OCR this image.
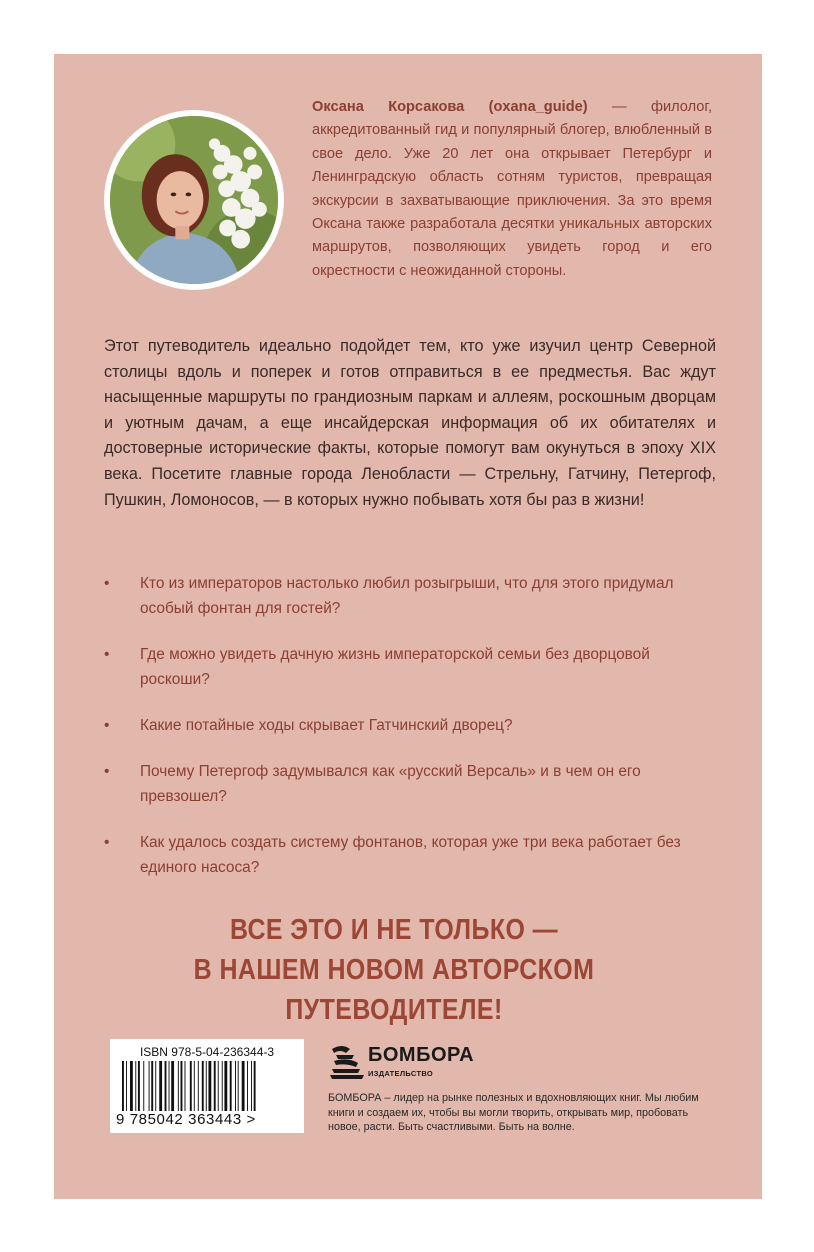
Оксана Корсакова (oxana_guide) — филолог, аккредитованный гид и популярный блогер, влюбленный в свое дело. Уже 20 лет она открывает Петербург и Ленинградскую область сотням туристов, превращая экскурсии в захватывающие приключения. За это время Оксана также разработала десятки уникальных авторских маршрутов, позволяющих увидеть город и его окрестности с неожиданной стороны.
Этот путеводитель идеально подойдет тем, кто уже изучил центр Северной столицы вдоль и поперек и готов отправиться в ее предместья. Вас ждут насыщенные маршруты по грандиозным паркам и аллеям, роскошным дворцам и уютным дачам, а еще инсайдерская информация об их обитателях и достоверные исторические факты, которые помогут вам окунуться в эпоху XIX века. Посетите главные города Ленобласти — Стрельну, Гатчину, Петергоф, Пушкин, Ломоносов, — в которых нужно побывать хотя бы раз в жизни!
• Кто из императоров настолько любил розыгрыши, что для этого придумал особый фонтан для гостей?
• Где можно увидеть дачную жизнь императорской семьи без дворцовой роскоши?
• Какие потайные ходы скрывает Гатчинский дворец?
• Почему Петергоф задумывался как «русский Версаль» и в чем он его превзошел?
• Как удалось создать систему фонтанов, которая уже три века работает без единого насоса?
ВСЕ ЭТО И НЕ ТОЛЬКО —
В НАШЕМ НОВОМ АВТОРСКОМ ПУТЕВОДИТЕЛЕ!
ISBN 978-5-04-236344-3
9 785042 363443 >
БОМБОРА
ИЗДАТЕЛЬСТВО
БОМБОРА – лидер на рынке полезных и вдохновляющих книг. Мы любим книги и создаем их, чтобы вы могли творить, открывать мир, пробовать новое, расти. Быть счастливыми. Быть на волне.
